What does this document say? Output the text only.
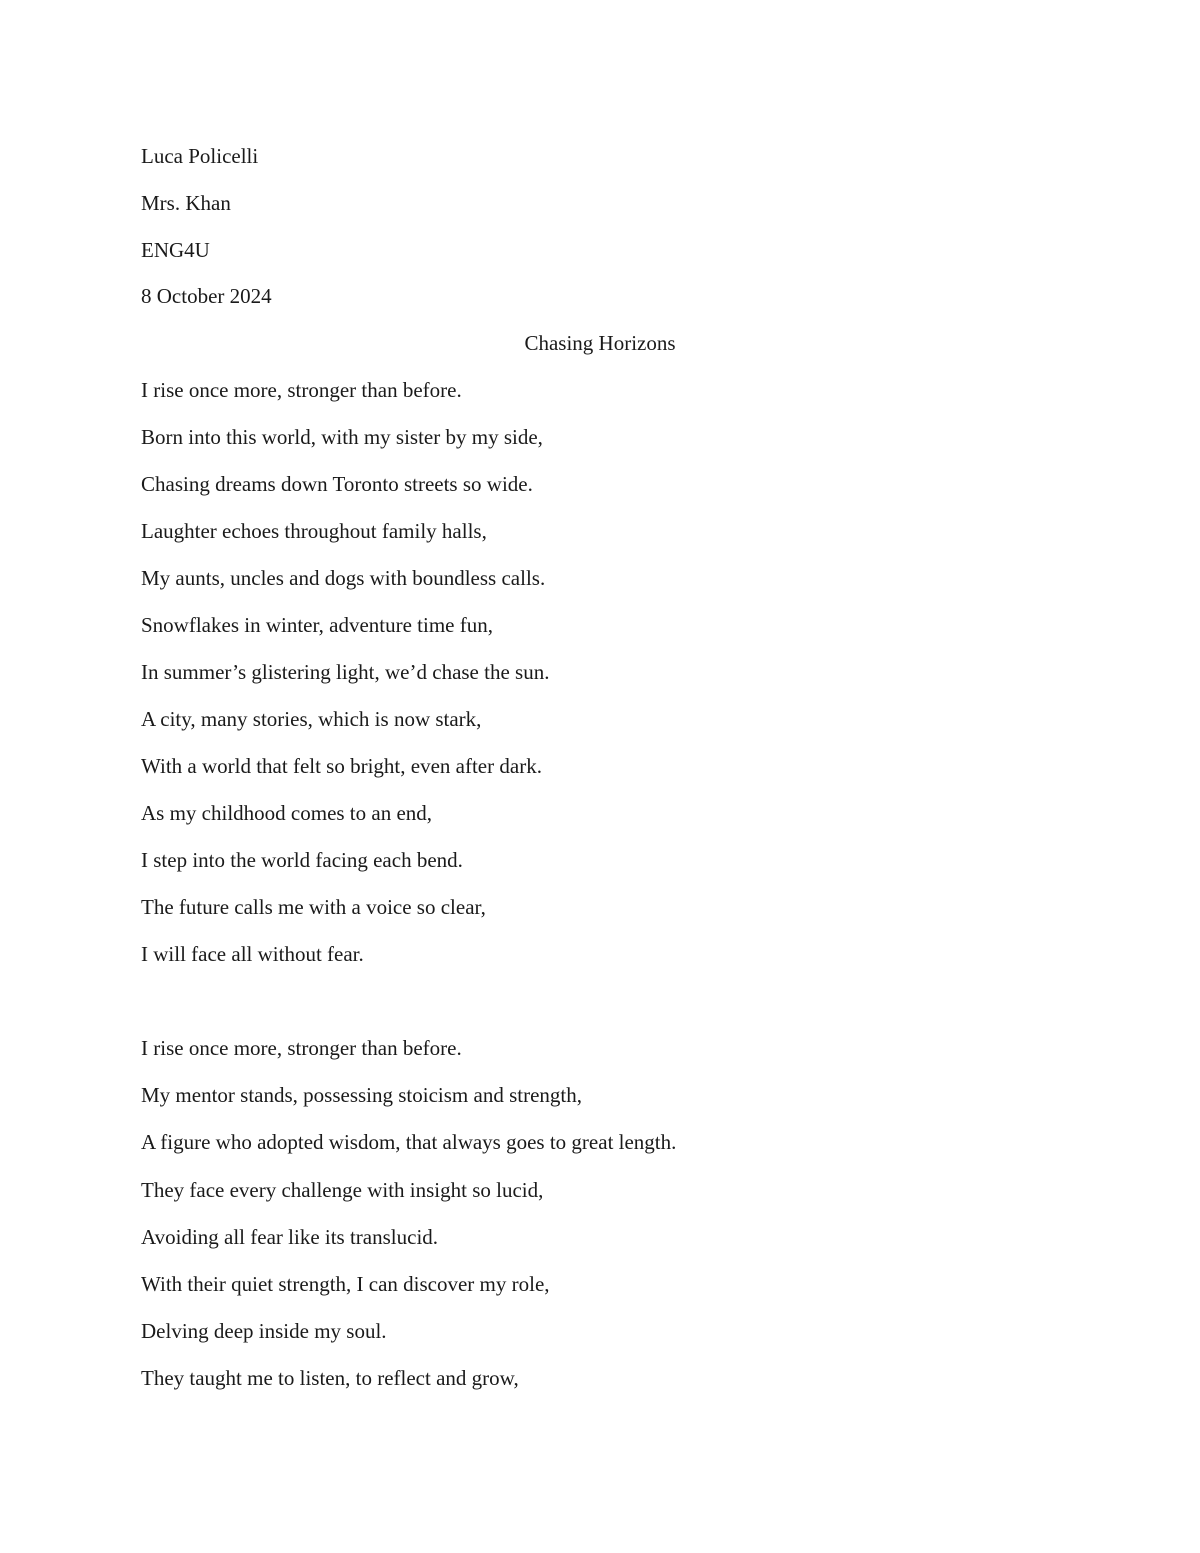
Luca Policelli
Mrs. Khan
ENG4U
8 October 2024
Chasing Horizons
I rise once more, stronger than before.
Born into this world, with my sister by my side,
Chasing dreams down Toronto streets so wide.
Laughter echoes throughout family halls,
My aunts, uncles and dogs with boundless calls.
Snowflakes in winter, adventure time fun,
In summer’s glistering light, we’d chase the sun.
A city, many stories, which is now stark,
With a world that felt so bright, even after dark.
As my childhood comes to an end,
I step into the world facing each bend.
The future calls me with a voice so clear,
I will face all without fear.
I rise once more, stronger than before.
My mentor stands, possessing stoicism and strength,
A figure who adopted wisdom, that always goes to great length.
They face every challenge with insight so lucid,
Avoiding all fear like its translucid.
With their quiet strength, I can discover my role,
Delving deep inside my soul.
They taught me to listen, to reflect and grow,
